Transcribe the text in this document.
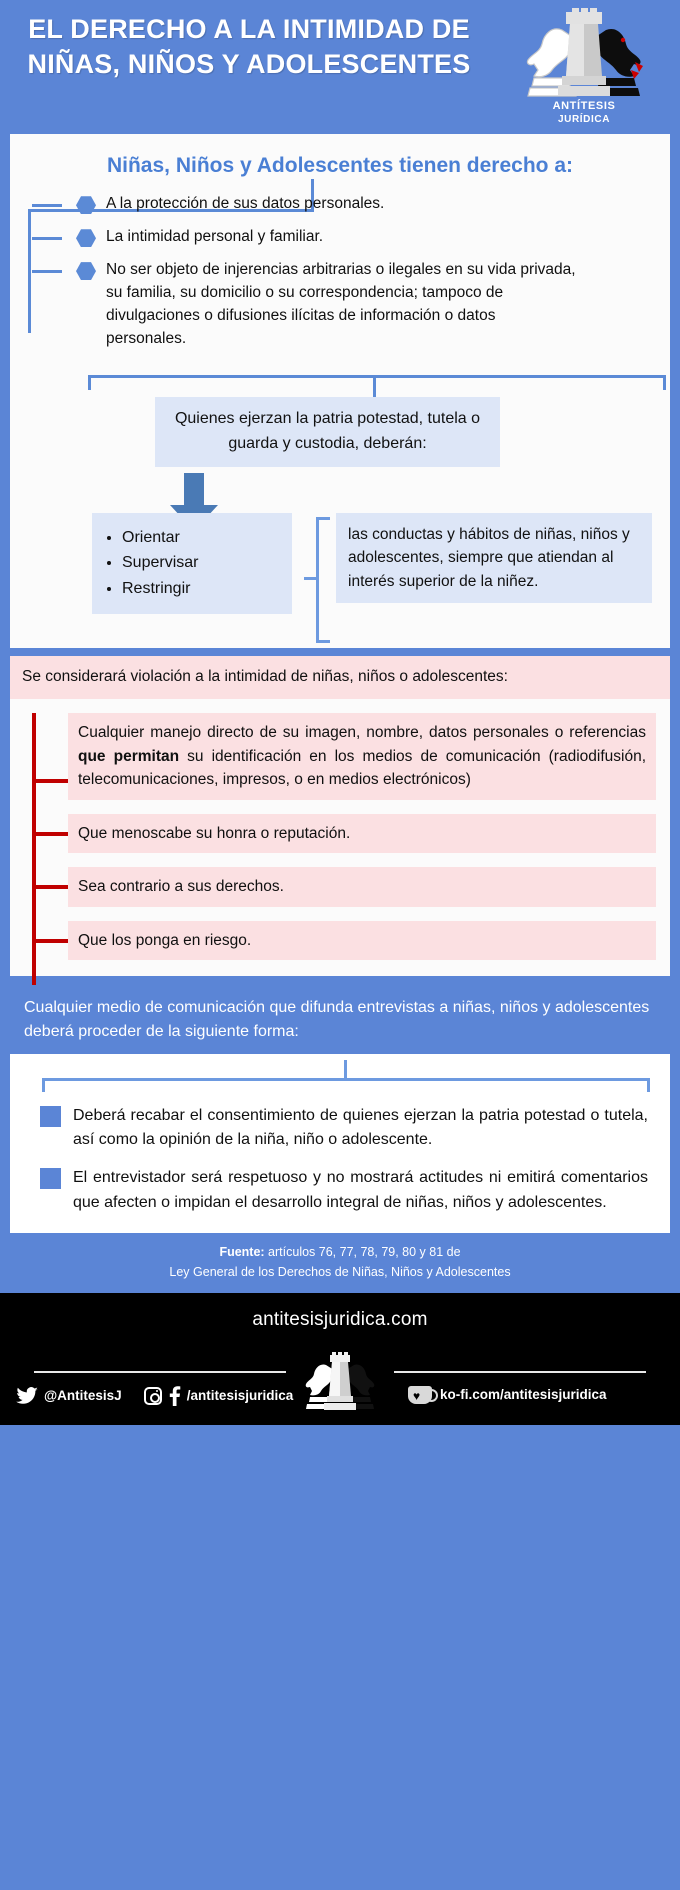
EL DERECHO A LA INTIMIDAD DE NIÑAS, NIÑOS Y ADOLESCENTES
ANTÍTESIS
JURÍDICA
Niñas, Niños y Adolescentes tienen derecho a:
A la protección de sus datos personales.
La intimidad personal y familiar.
No ser objeto de injerencias arbitrarias o ilegales en su vida privada, su familia, su domicilio o su correspondencia; tampoco de divulgaciones o difusiones ilícitas de información o datos personales.
Quienes ejerzan la patria potestad, tutela o guarda y custodia, deberán:
• Orientar
• Supervisar
• Restringir
las conductas y hábitos de niñas, niños y adolescentes, siempre que atiendan al interés superior de la niñez.
Se considerará violación a la intimidad de niñas, niños o adolescentes:
Cualquier manejo directo de su imagen, nombre, datos personales o referencias que permitan su identificación en los medios de comunicación (radiodifusión, telecomunicaciones, impresos, o en medios electrónicos)
Que menoscabe su honra o reputación.
Sea contrario a sus derechos.
Que los ponga en riesgo.
Cualquier medio de comunicación que difunda entrevistas a niñas, niños y adolescentes deberá proceder de la siguiente forma:
Deberá recabar el consentimiento de quienes ejerzan la patria potestad o tutela, así como la opinión de la niña, niño o adolescente.
El entrevistador será respetuoso y no mostrará actitudes ni emitirá comentarios que afecten o impidan el desarrollo integral de niñas, niños y adolescentes.
Fuente: artículos 76, 77, 78, 79, 80 y 81 de
Ley General de los Derechos de Niñas, Niños y Adolescentes
antitesisjuridica.com
@AntitesisJ	/antitesisjuridica	♥	ko-fi.com/antitesisjuridica
